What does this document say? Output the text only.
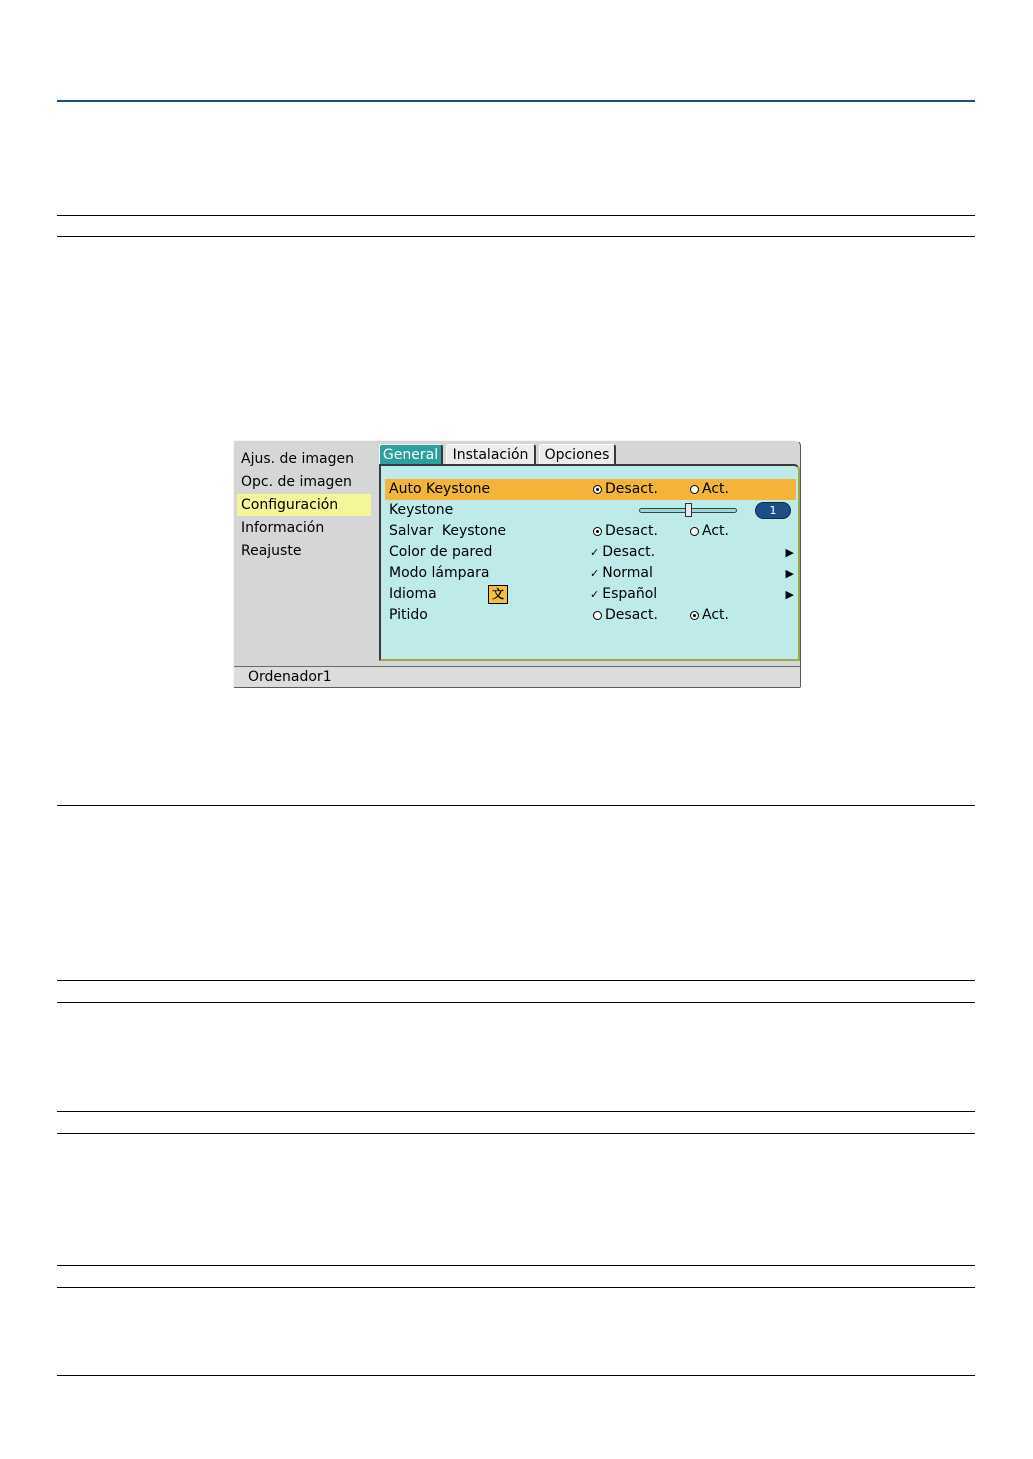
Ajus. de imagen
Opc. de imagen
Configuración
Información
Reajuste
General	Instalación	Opciones
Auto Keystone	Desact.	Act.
Keystone	1
Salvar  Keystone	Desact.	Act.
Color de pared	✓ Desact.	▶
Modo lámpara	✓ Normal	▶
Idioma	文	✓ Español	▶
Pitido	Desact.	Act.
Ordenador1
